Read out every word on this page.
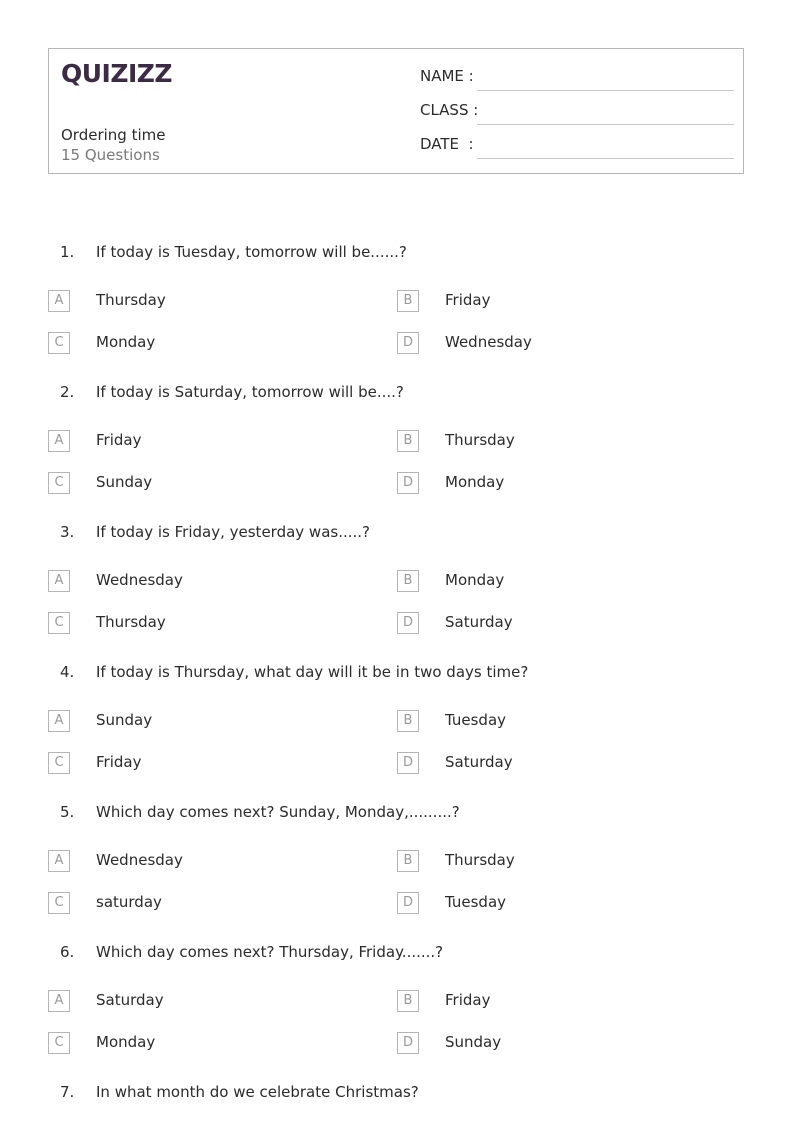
QUIZIZZ
Ordering time
15 Questions
NAME :
CLASS :
DATE  :
1. If today is Tuesday, tomorrow will be......?
A	Thursday	B	Friday
C	Monday	D	Wednesday
2. If today is Saturday, tomorrow will be....?
A	Friday	B	Thursday
C	Sunday	D	Monday
3. If today is Friday, yesterday was.....?
A	Wednesday	B	Monday
C	Thursday	D	Saturday
4. If today is Thursday, what day will it be in two days time?
A	Sunday	B	Tuesday
C	Friday	D	Saturday
5. Which day comes next? Sunday, Monday,.........?
A	Wednesday	B	Thursday
C	saturday	D	Tuesday
6. Which day comes next? Thursday, Friday.......?
A	Saturday	B	Friday
C	Monday	D	Sunday
7. In what month do we celebrate Christmas?
